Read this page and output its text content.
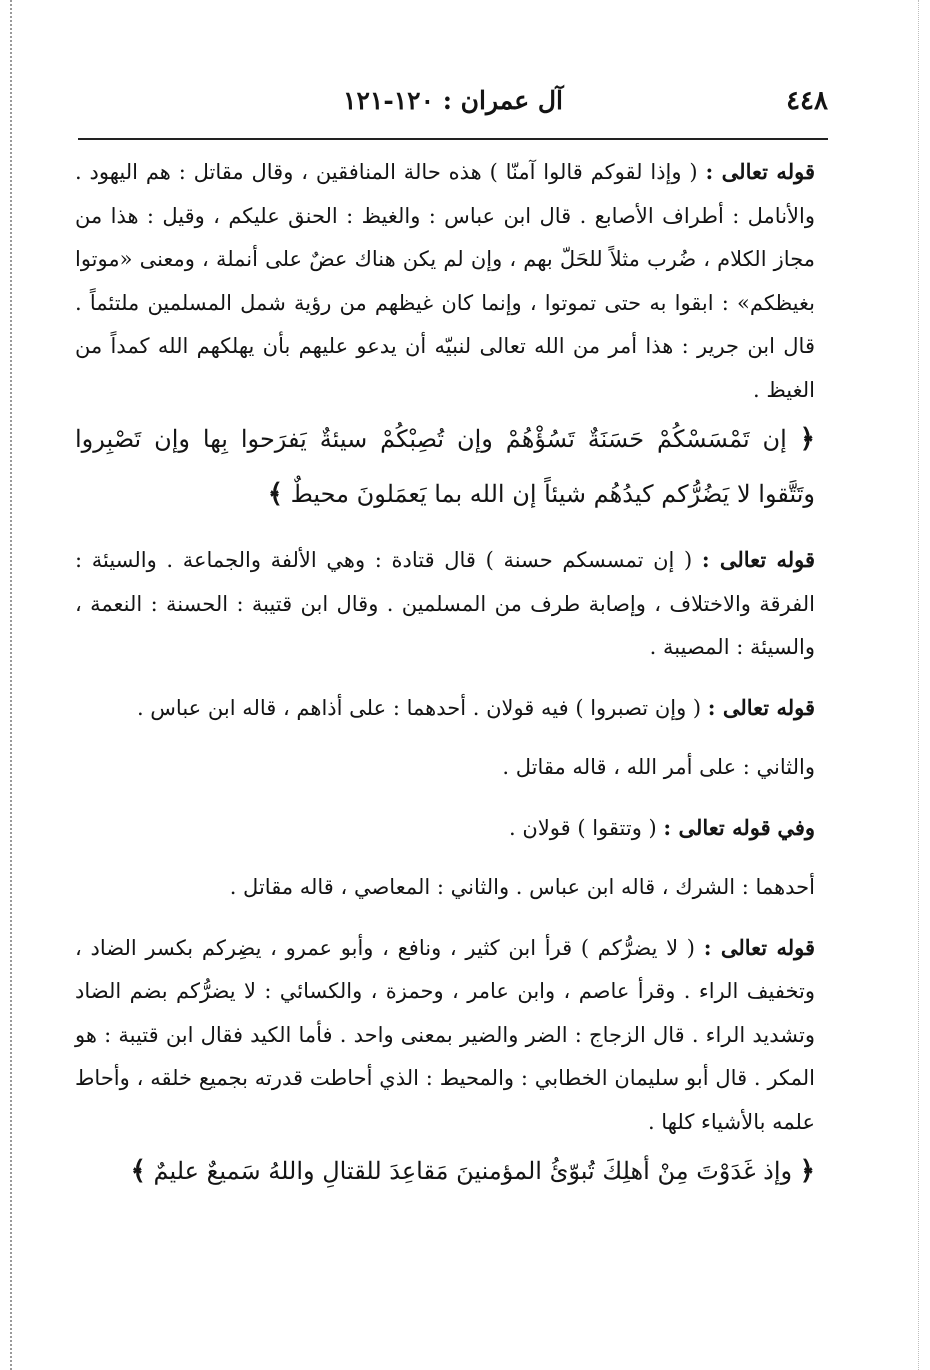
٤٤٨
آل عمران : ١٢٠-١٢١

قوله تعالى : ( وإذا لقوكم قالوا آمنّا ) هذه حالة المنافقين ، وقال مقاتل : هم اليهود . والأنامل : أطراف الأصابع . قال ابن عباس : والغيظ : الحنق عليكم ، وقيل : هذا من مجاز الكلام ، ضُرب مثلاً للحَلّ بهم ، وإن لم يكن هناك عضٌ على أنملة ، ومعنى «موتوا بغيظكم» : ابقوا به حتى تموتوا ، وإنما كان غيظهم من رؤية شمل المسلمين ملتئماً . قال ابن جرير : هذا أمر من الله تعالى لنبيّه أن يدعو عليهم بأن يهلكهم الله كمداً من الغيظ .

﴿ إن تَمْسَسْكُمْ حَسَنَةٌ تَسُؤْهُمْ وإن تُصِبْكُمْ سيئةٌ يَفرَحوا بِها وإن تَصْبِروا وتَتَّقوا لا يَضُرُّكم كيدُهُم شيئاً إن الله بما يَعمَلونَ محيطٌ ﴾

قوله تعالى : ( إن تمسسكم حسنة ) قال قتادة : وهي الألفة والجماعة . والسيئة : الفرقة والاختلاف ، وإصابة طرف من المسلمين . وقال ابن قتيبة : الحسنة : النعمة ، والسيئة : المصيبة .

قوله تعالى : ( وإن تصبروا ) فيه قولان . أحدهما : على أذاهم ، قاله ابن عباس .

والثاني : على أمر الله ، قاله مقاتل .

وفي قوله تعالى : ( وتتقوا ) قولان .

أحدهما : الشرك ، قاله ابن عباس . والثاني : المعاصي ، قاله مقاتل .

قوله تعالى : ( لا يضرُّكم ) قرأ ابن كثير ، ونافع ، وأبو عمرو ، يضِركم بكسر الضاد ، وتخفيف الراء . وقرأ عاصم ، وابن عامر ، وحمزة ، والكسائي : لا يضرُّكم بضم الضاد وتشديد الراء . قال الزجاج : الضر والضير بمعنى واحد . فأما الكيد فقال ابن قتيبة : هو المكر . قال أبو سليمان الخطابي : والمحيط : الذي أحاطت قدرته بجميع خلقه ، وأحاط علمه بالأشياء كلها .

﴿ وإذ غَدَوْتَ مِنْ أهلِكَ تُبوّئُ المؤمنينَ مَقاعِدَ للقتالِ واللهُ سَميعٌ عليمٌ ﴾
